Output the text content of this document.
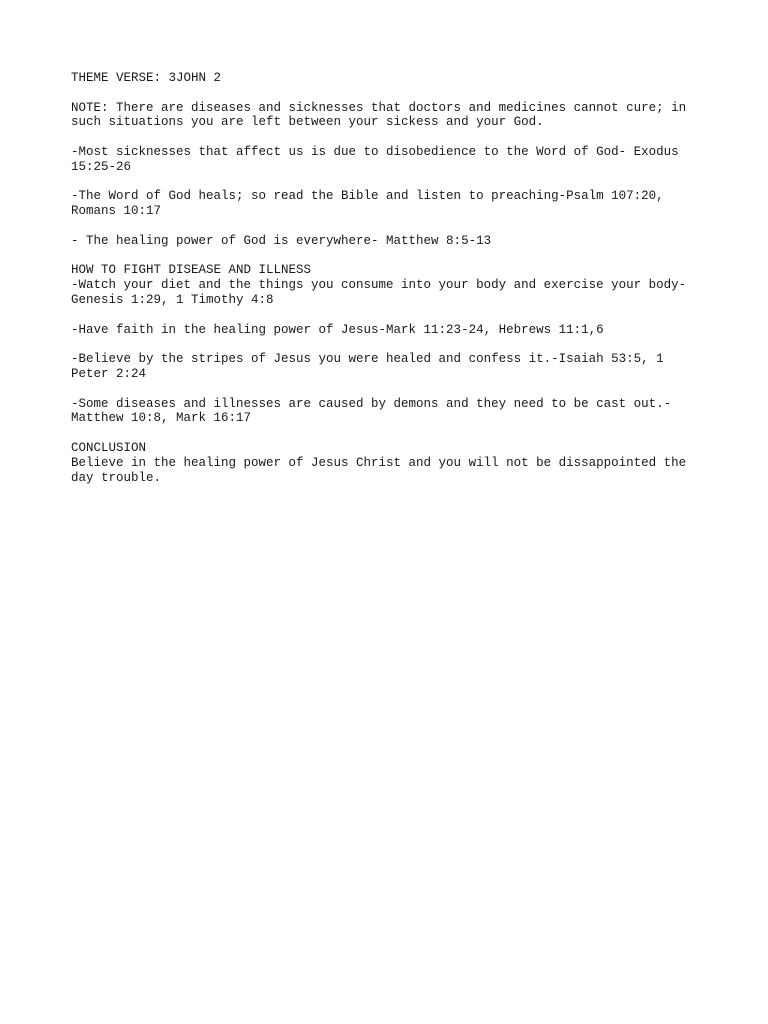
THEME VERSE: 3JOHN 2

NOTE: There are diseases and sicknesses that doctors and medicines cannot cure; in
such situations you are left between your sickess and your God.

-Most sicknesses that affect us is due to disobedience to the Word of God- Exodus
15:25-26

-The Word of God heals; so read the Bible and listen to preaching-Psalm 107:20,
Romans 10:17

- The healing power of God is everywhere- Matthew 8:5-13

HOW TO FIGHT DISEASE AND ILLNESS

-Watch your diet and the things you consume into your body and exercise your body-
Genesis 1:29, 1 Timothy 4:8

-Have faith in the healing power of Jesus-Mark 11:23-24, Hebrews 11:1,6

-Believe by the stripes of Jesus you were healed and confess it.-Isaiah 53:5, 1
Peter 2:24

-Some diseases and illnesses are caused by demons and they need to be cast out.-
Matthew 10:8, Mark 16:17

CONCLUSION

Believe in the healing power of Jesus Christ and you will not be dissappointed the
day trouble.
